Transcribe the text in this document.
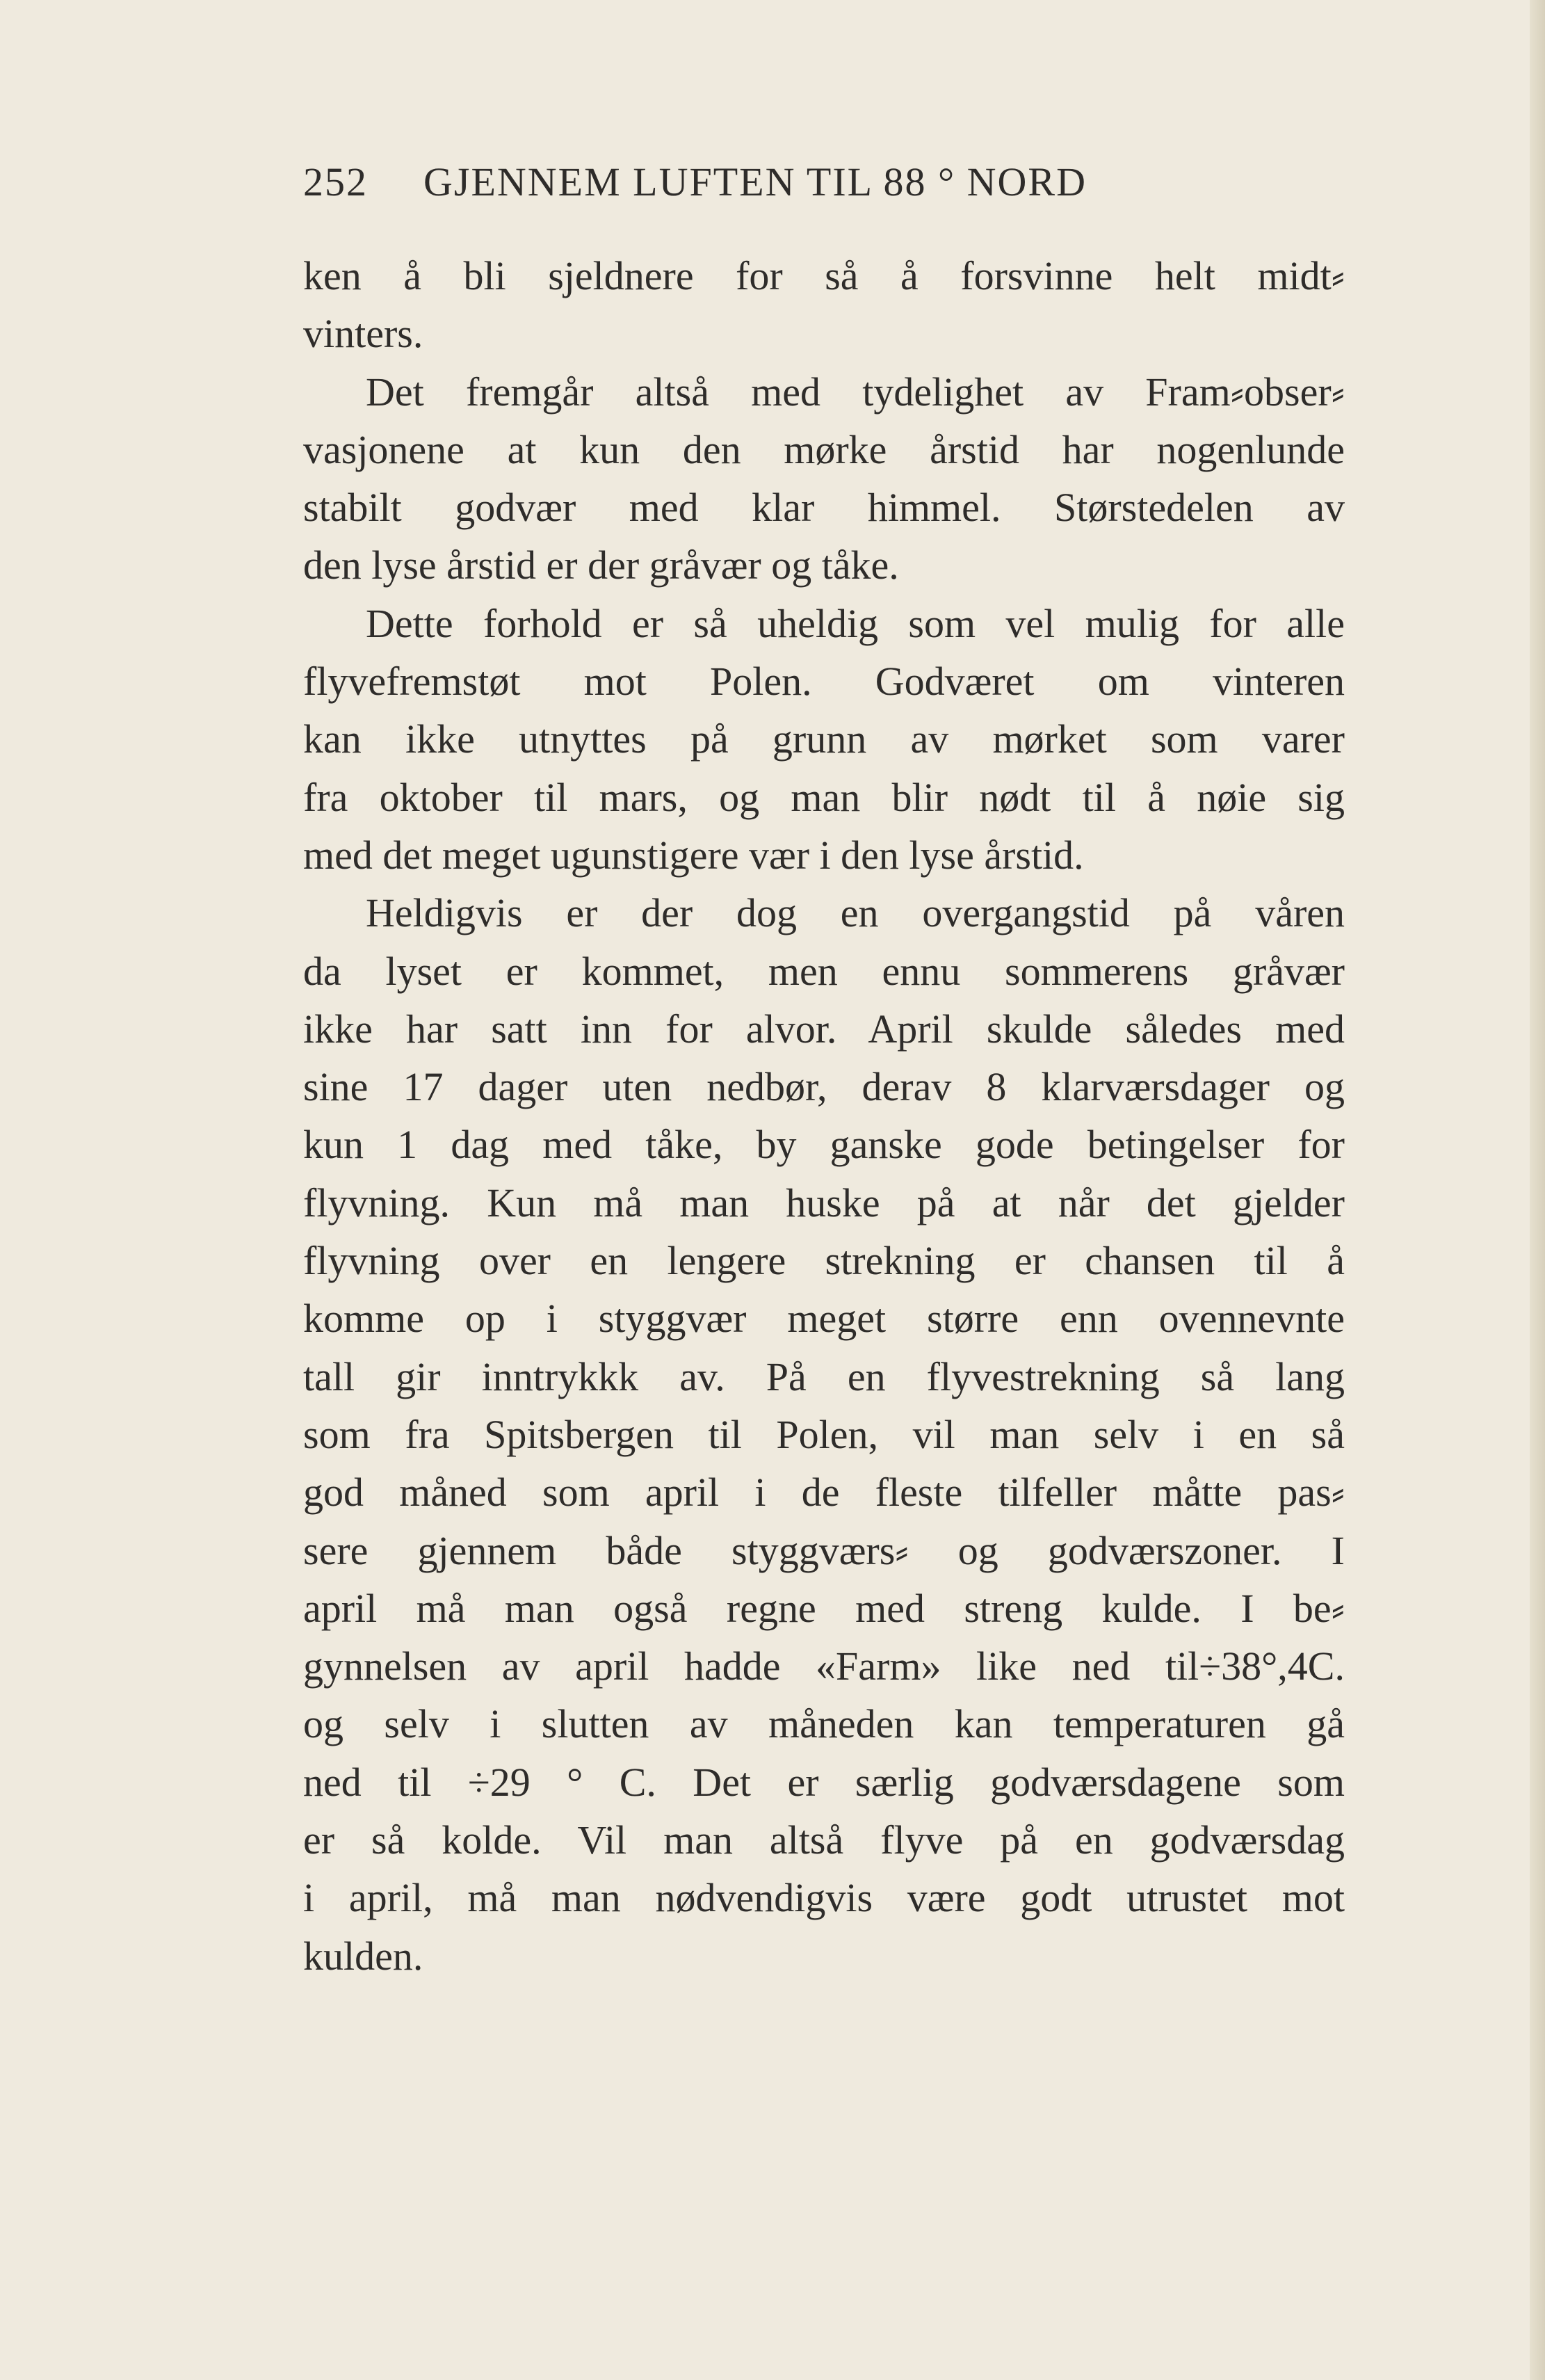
252 GJENNEM LUFTEN TIL 88 ° NORD
ken å bli sjeldnere for så å forsvinne helt midt⸗
vinters.
Det fremgår altså med tydelighet av Fram⸗obser⸗
vasjonene at kun den mørke årstid har nogenlunde
stabilt godvær med klar himmel. Størstedelen av
den lyse årstid er der gråvær og tåke.
Dette forhold er så uheldig som vel mulig for alle
flyvefremstøt mot Polen. Godværet om vinteren
kan ikke utnyttes på grunn av mørket som varer
fra oktober til mars, og man blir nødt til å nøie sig
med det meget ugunstigere vær i den lyse årstid.
Heldigvis er der dog en overgangstid på våren
da lyset er kommet, men ennu sommerens gråvær
ikke har satt inn for alvor. April skulde således med
sine 17 dager uten nedbør, derav 8 klarværsdager og
kun 1 dag med tåke, by ganske gode betingelser for
flyvning. Kun må man huske på at når det gjelder
flyvning over en lengere strekning er chansen til å
komme op i styggvær meget større enn ovennevnte
tall gir inntrykkk av. På en flyvestrekning så lang
som fra Spitsbergen til Polen, vil man selv i en så
god måned som april i de fleste tilfeller måtte pas⸗
sere gjennem både styggværs⸗ og godværszoner. I
april må man også regne med streng kulde. I be⸗
gynnelsen av april hadde «Farm» like ned til÷38°,4C.
og selv i slutten av måneden kan temperaturen gå
ned til ÷29 ° C. Det er særlig godværsdagene som
er så kolde. Vil man altså flyve på en godværsdag
i april, må man nødvendigvis være godt utrustet mot
kulden.
